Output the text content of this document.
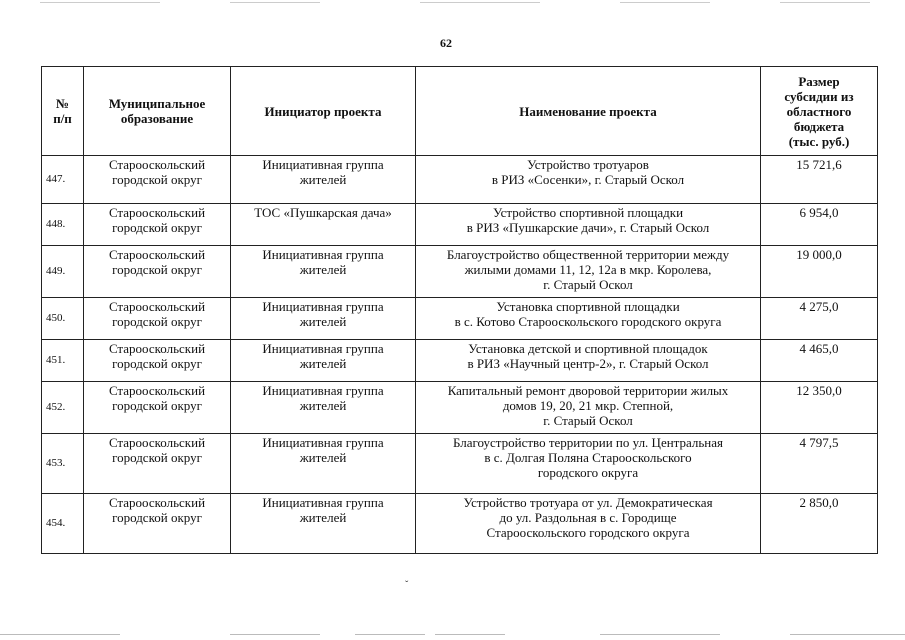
62
№
п/п	Муниципальное
образование	Инициатор проекта	Наименование проекта	Размер
субсидии из
областного
бюджета
(тыс. руб.)

447.	Старооскольский
городской округ	Инициативная группа
жителей	Устройство тротуаров
в РИЗ «Сосенки», г. Старый Оскол	15 721,6
448.	Старооскольский
городской округ	ТОС «Пушкарская дача»	Устройство спортивной площадки
в РИЗ «Пушкарские дачи», г. Старый Оскол	6 954,0
449.	Старооскольский
городской округ	Инициативная группа
жителей	Благоустройство общественной территории между
жилыми домами 11, 12, 12а в мкр. Королева,
г. Старый Оскол	19 000,0
450.	Старооскольский
городской округ	Инициативная группа
жителей	Установка спортивной площадки
в с. Котово Старооскольского городского округа	4 275,0
451.	Старооскольский
городской округ	Инициативная группа
жителей	Установка детской и спортивной площадок
в РИЗ «Научный центр-2», г. Старый Оскол	4 465,0
452.	Старооскольский
городской округ	Инициативная группа
жителей	Капитальный ремонт дворовой территории жилых
домов 19, 20, 21 мкр. Степной,
г. Старый Оскол	12 350,0
453.	Старооскольский
городской округ	Инициативная группа
жителей	Благоустройство территории по ул. Центральная
в с. Долгая Поляна Старооскольского
городского округа	4 797,5
454.	Старооскольский
городской округ	Инициативная группа
жителей	Устройство тротуара от ул. Демократическая
до ул. Раздольная в с. Городище
Старооскольского городского округа	2 850,0
ˇ
